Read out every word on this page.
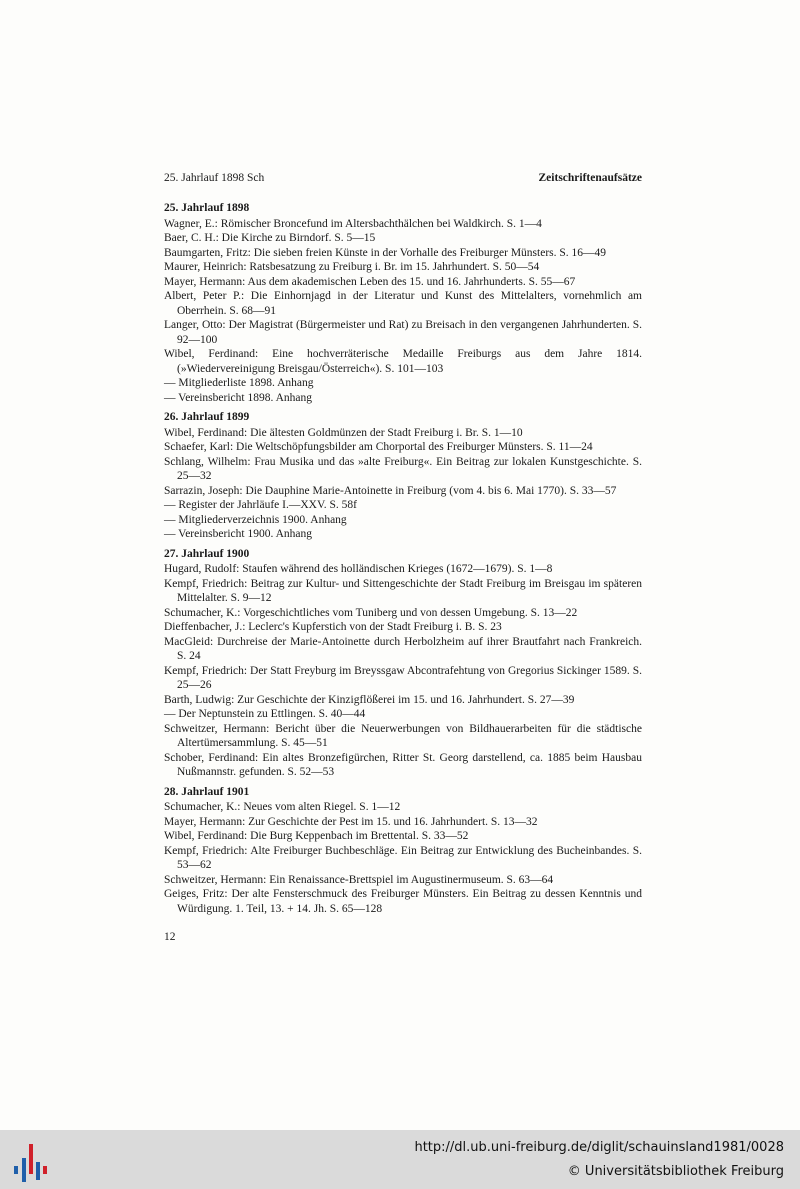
25. Jahrlauf 1898 Sch	Zeitschriftenaufsätze
25. Jahrlauf 1898
Wagner, E.: Römischer Broncefund im Altersbachthälchen bei Waldkirch. S. 1—4
Baer, C. H.: Die Kirche zu Birndorf. S. 5—15
Baumgarten, Fritz: Die sieben freien Künste in der Vorhalle des Freiburger Münsters. S. 16—49
Maurer, Heinrich: Ratsbesatzung zu Freiburg i. Br. im 15. Jahrhundert. S. 50—54
Mayer, Hermann: Aus dem akademischen Leben des 15. und 16. Jahrhunderts. S. 55—67
Albert, Peter P.: Die Einhornjagd in der Literatur und Kunst des Mittelalters, vornehmlich am Oberrhein. S. 68—91
Langer, Otto: Der Magistrat (Bürgermeister und Rat) zu Breisach in den vergangenen Jahrhunderten. S. 92—100
Wibel, Ferdinand: Eine hochverräterische Medaille Freiburgs aus dem Jahre 1814. (»Wiedervereinigung Breisgau/Österreich«). S. 101—103
— Mitgliederliste 1898. Anhang
— Vereinsbericht 1898. Anhang
26. Jahrlauf 1899
Wibel, Ferdinand: Die ältesten Goldmünzen der Stadt Freiburg i. Br. S. 1—10
Schaefer, Karl: Die Weltschöpfungsbilder am Chorportal des Freiburger Münsters. S. 11—24
Schlang, Wilhelm: Frau Musika und das »alte Freiburg«. Ein Beitrag zur lokalen Kunstgeschichte. S. 25—32
Sarrazin, Joseph: Die Dauphine Marie-Antoinette in Freiburg (vom 4. bis 6. Mai 1770). S. 33—57
— Register der Jahrläufe I.—XXV. S. 58f
— Mitgliederverzeichnis 1900. Anhang
— Vereinsbericht 1900. Anhang
27. Jahrlauf 1900
Hugard, Rudolf: Staufen während des holländischen Krieges (1672—1679). S. 1—8
Kempf, Friedrich: Beitrag zur Kultur- und Sittengeschichte der Stadt Freiburg im Breisgau im späteren Mittelalter. S. 9—12
Schumacher, K.: Vorgeschichtliches vom Tuniberg und von dessen Umgebung. S. 13—22
Dieffenbacher, J.: Leclerc's Kupferstich von der Stadt Freiburg i. B. S. 23
MacGleid: Durchreise der Marie-Antoinette durch Herbolzheim auf ihrer Brautfahrt nach Frankreich. S. 24
Kempf, Friedrich: Der Statt Freyburg im Breyssgaw Abcontrafehtung von Gregorius Sickinger 1589. S. 25—26
Barth, Ludwig: Zur Geschichte der Kinzigflößerei im 15. und 16. Jahrhundert. S. 27—39
— Der Neptunstein zu Ettlingen. S. 40—44
Schweitzer, Hermann: Bericht über die Neuerwerbungen von Bildhauerarbeiten für die städtische Altertümersammlung. S. 45—51
Schober, Ferdinand: Ein altes Bronzefigürchen, Ritter St. Georg darstellend, ca. 1885 beim Hausbau Nußmannstr. gefunden. S. 52—53
28. Jahrlauf 1901
Schumacher, K.: Neues vom alten Riegel. S. 1—12
Mayer, Hermann: Zur Geschichte der Pest im 15. und 16. Jahrhundert. S. 13—32
Wibel, Ferdinand: Die Burg Keppenbach im Brettental. S. 33—52
Kempf, Friedrich: Alte Freiburger Buchbeschläge. Ein Beitrag zur Entwicklung des Bucheinbandes. S. 53—62
Schweitzer, Hermann: Ein Renaissance-Brettspiel im Augustinermuseum. S. 63—64
Geiges, Fritz: Der alte Fensterschmuck des Freiburger Münsters. Ein Beitrag zu dessen Kenntnis und Würdigung. 1. Teil, 13. + 14. Jh. S. 65—128
12
http://dl.ub.uni-freiburg.de/diglit/schauinsland1981/0028
© Universitätsbibliothek Freiburg
